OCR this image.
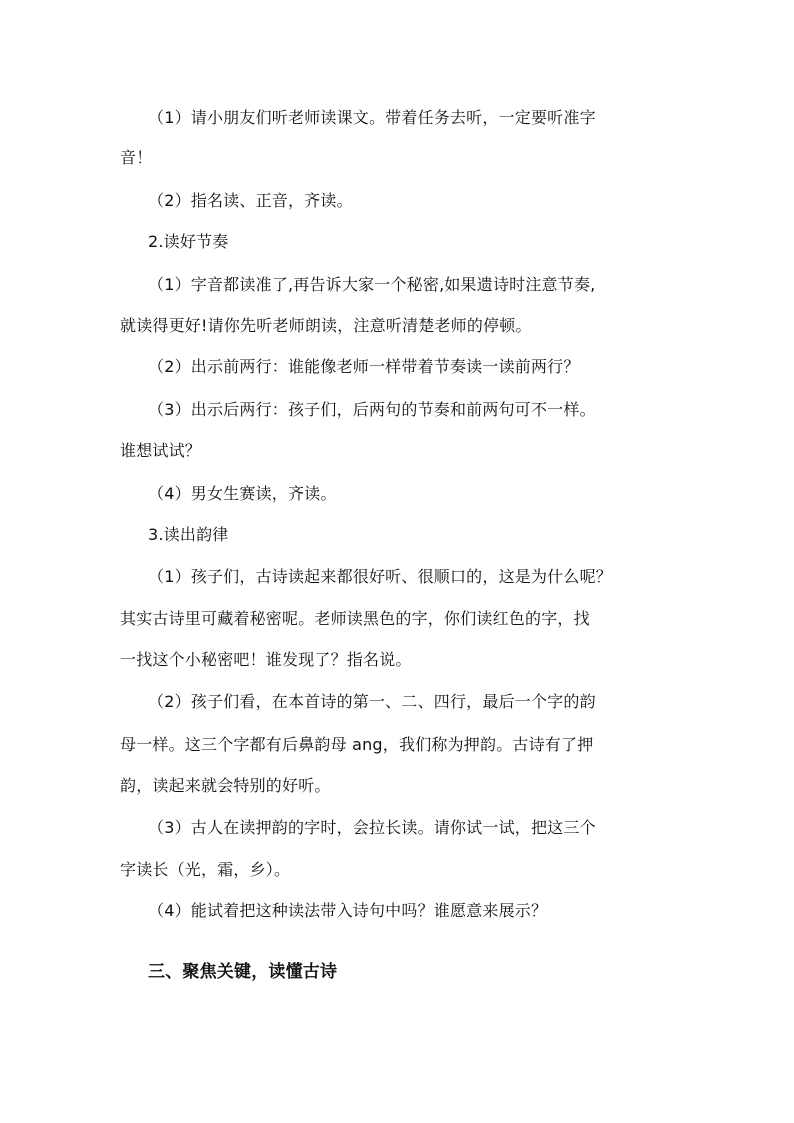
（1）请小朋友们听老师读课文。带着任务去听，一定要听准字
音！
（2）指名读、正音，齐读。
2.读好节奏
（1）字音都读准了,再告诉大家一个秘密,如果遗诗时注意节奏,
就读得更好!请你先听老师朗读，注意听清楚老师的停顿。
（2）出示前两行：谁能像老师一样带着节奏读一读前两行？
（3）出示后两行：孩子们，后两句的节奏和前两句可不一样。
谁想试试？
（4）男女生赛读，齐读。
3.读出韵律
（1）孩子们，古诗读起来都很好听、很顺口的，这是为什么呢？
其实古诗里可藏着秘密呢。老师读黑色的字，你们读红色的字，找
一找这个小秘密吧！谁发现了？指名说。
（2）孩子们看，在本首诗的第一、二、四行，最后一个字的韵
母一样。这三个字都有后鼻韵母 ang，我们称为押韵。古诗有了押
韵，读起来就会特别的好听。
（3）古人在读押韵的字时，会拉长读。请你试一试，把这三个
字读长（光，霜，乡）。
（4）能试着把这种读法带入诗句中吗？谁愿意来展示？
三、聚焦关键，读懂古诗
